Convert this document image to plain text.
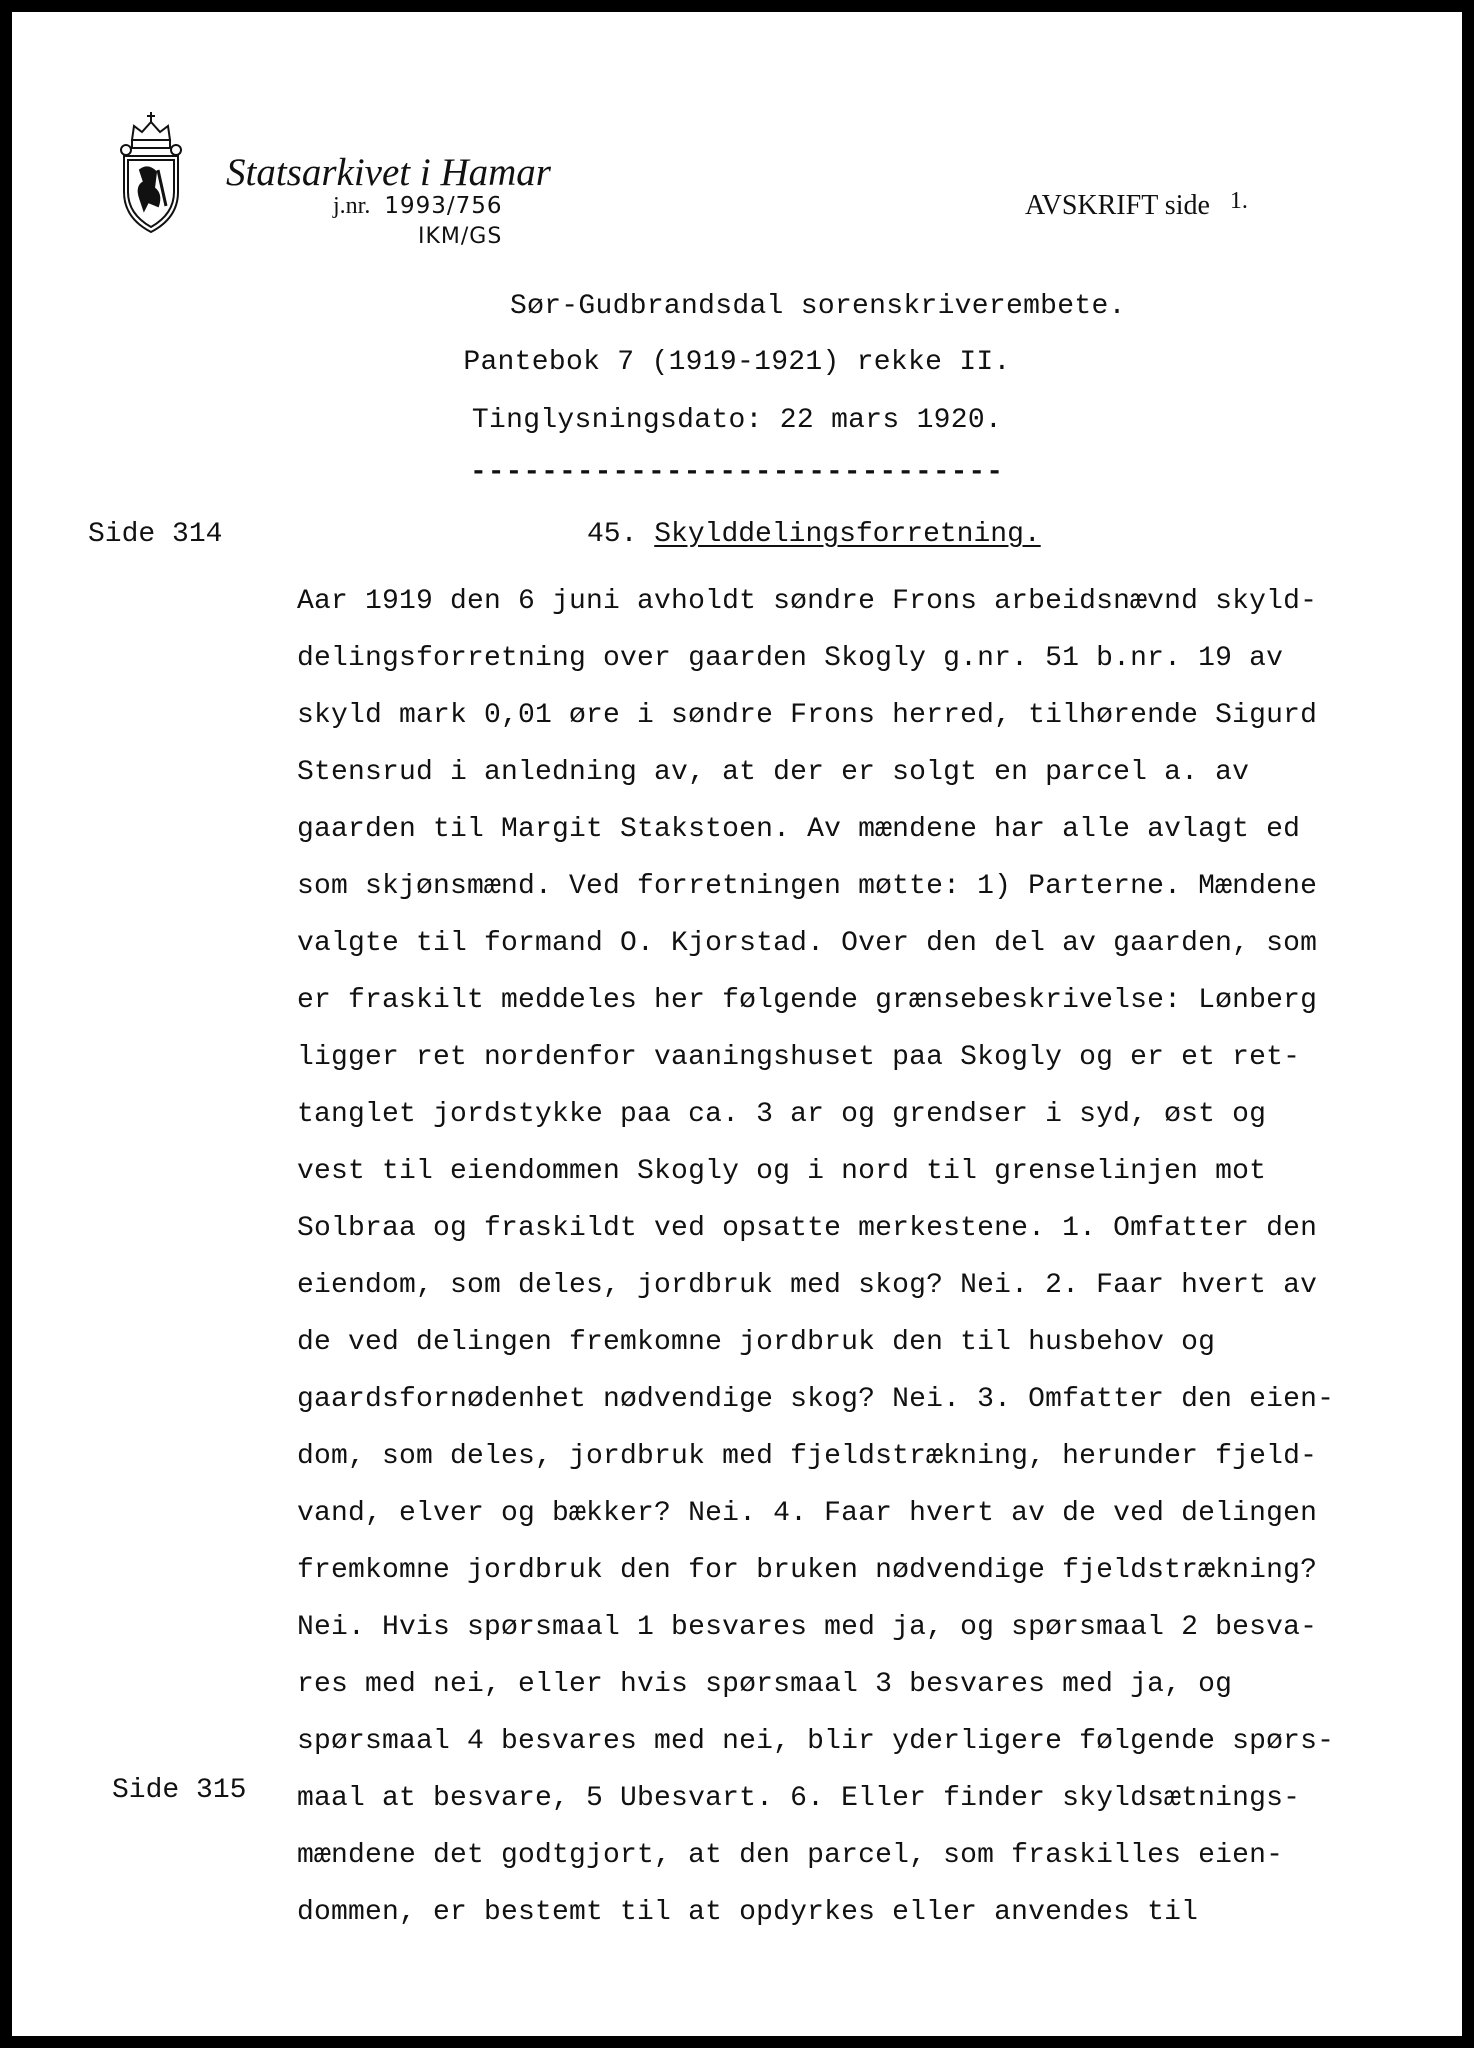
Statsarkivet i Hamar
j.nr. 1993/756
IKM/GS
AVSKRIFT side 1.
Sør-Gudbrandsdal sorenskriverembete.
Pantebok 7 (1919-1921) rekke II.
Tinglysningsdato: 22 mars 1920.
------------------------------
Side 314	45. Skylddelingsforretning.
Aar 1919 den 6 juni avholdt søndre Frons arbeidsnævnd skyld-
delingsforretning over gaarden Skogly g.nr. 51 b.nr. 19 av
skyld mark 0,01 øre i søndre Frons herred, tilhørende Sigurd
Stensrud i anledning av, at der er solgt en parcel a. av
gaarden til Margit Stakstoen. Av mændene har alle avlagt ed
som skjønsmænd. Ved forretningen møtte: 1) Parterne. Mændene
valgte til formand O. Kjorstad. Over den del av gaarden, som
er fraskilt meddeles her følgende grænsebeskrivelse: Lønberg
ligger ret nordenfor vaaningshuset paa Skogly og er et ret-
tanglet jordstykke paa ca. 3 ar og grendser i syd, øst og
vest til eiendommen Skogly og i nord til grenselinjen mot
Solbraa og fraskildt ved opsatte merkestene. 1. Omfatter den
eiendom, som deles, jordbruk med skog? Nei. 2. Faar hvert av
de ved delingen fremkomne jordbruk den til husbehov og
gaardsfornødenhet nødvendige skog? Nei. 3. Omfatter den eien-
dom, som deles, jordbruk med fjeldstrækning, herunder fjeld-
vand, elver og bækker? Nei. 4. Faar hvert av de ved delingen
fremkomne jordbruk den for bruken nødvendige fjeldstrækning?
Nei. Hvis spørsmaal 1 besvares med ja, og spørsmaal 2 besva-
res med nei, eller hvis spørsmaal 3 besvares med ja, og
spørsmaal 4 besvares med nei, blir yderligere følgende spørs-
maal at besvare, 5 Ubesvart. 6. Eller finder skyldsætnings-
mændene det godtgjort, at den parcel, som fraskilles eien-
dommen, er bestemt til at opdyrkes eller anvendes til
Side 315
